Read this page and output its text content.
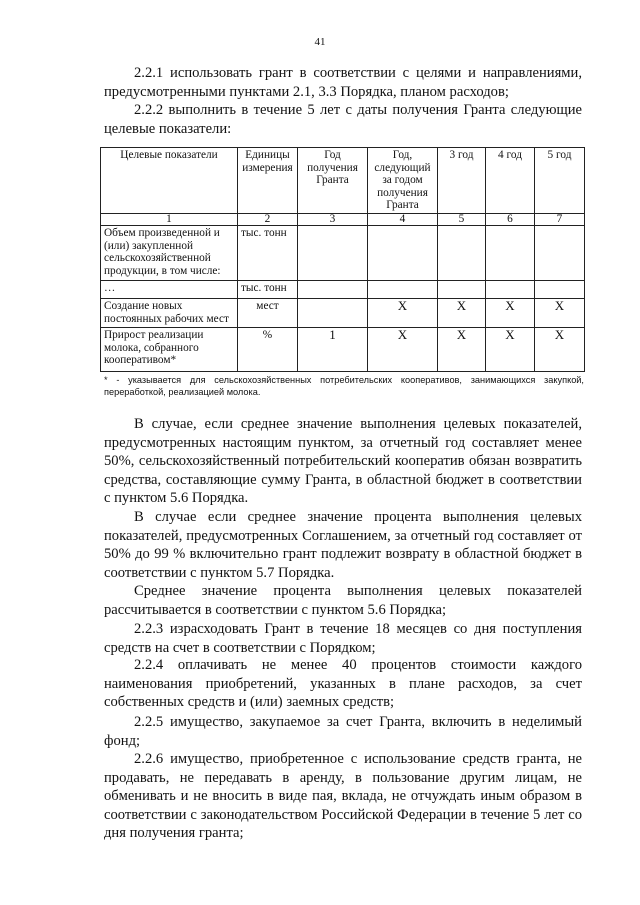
41

2.2.1 использовать грант в соответствии с целями и направлениями, предусмотренными пунктами 2.1, 3.3 Порядка, планом расходов;

2.2.2 выполнить в течение 5 лет с даты получения Гранта следующие целевые показатели:

Целевые показатели	Единицы измерения	Год получения Гранта	Год, следующий за годом получения Гранта	3 год	4 год	5 год
1	2	3	4	5	6	7
Объем произведенной и (или) закупленной сельскохозяйственной продукции, в том числе:	тыс. тонн					
…	тыс. тонн					
Создание новых постоянных рабочих мест	мест		X	X	X	X
Прирост реализации молока, собранного кооперативом*	%	1	X	X	X	X

* - указывается для сельскохозяйственных потребительских кооперативов, занимающихся закупкой, переработкой, реализацией молока.

В случае, если среднее значение выполнения целевых показателей, предусмотренных настоящим пунктом, за отчетный год составляет менее 50%, сельскохозяйственный потребительский кооператив обязан возвратить средства, составляющие сумму Гранта, в областной бюджет в соответствии с пунктом 5.6 Порядка.

В случае если среднее значение процента выполнения целевых показателей, предусмотренных Соглашением, за отчетный год составляет от 50% до 99 % включительно грант подлежит возврату в областной бюджет в соответствии с пунктом 5.7 Порядка.

Среднее значение процента выполнения целевых показателей рассчитывается в соответствии с пунктом 5.6 Порядка;

2.2.3 израсходовать Грант в течение 18 месяцев со дня поступления средств на счет в соответствии с Порядком;

2.2.4 оплачивать не менее 40 процентов стоимости каждого наименования приобретений, указанных в плане расходов, за счет собственных средств и (или) заемных средств;

2.2.5 имущество, закупаемое за счет Гранта, включить в неделимый фонд;

2.2.6 имущество, приобретенное с использование средств гранта, не продавать, не передавать в аренду, в пользование другим лицам, не обменивать и не вносить в виде пая, вклада, не отчуждать иным образом в соответствии с законодательством Российской Федерации в течение 5 лет со дня получения гранта;
